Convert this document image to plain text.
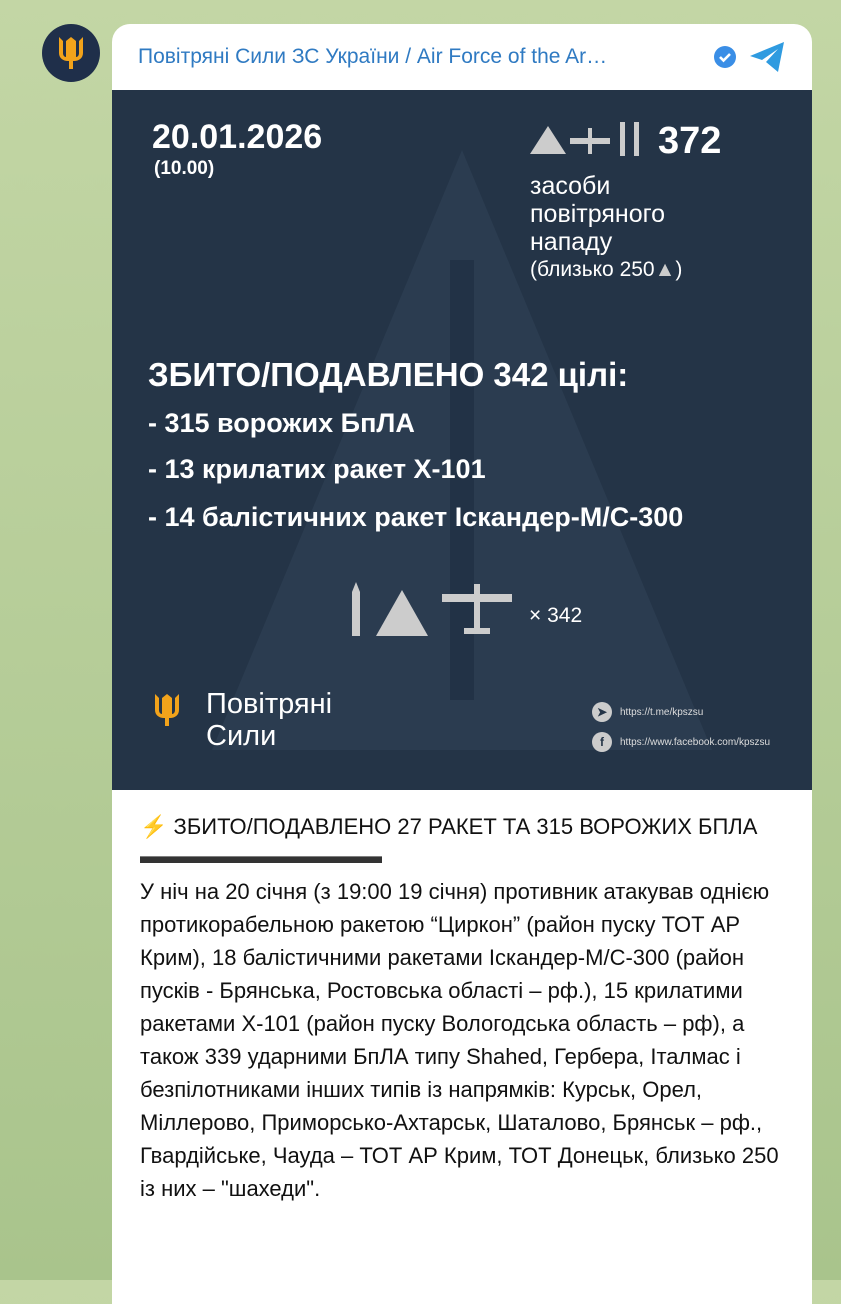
Повітряні Сили ЗС України / Air Force of the Ar…
20.01.2026
(10.00)
372
засоби
повітряного
нападу
(близько 250▲)
ЗБИТО/ПОДАВЛЕНО 342 цілі:
- 315 ворожих БпЛА
- 13 крилатих ракет Х-101
- 14 балістичних ракет Іскандер-М/С-300
× 342
Повітряні
Сили
➤	https://t.me/kpszsu
f	https://www.facebook.com/kpszsu
⚡ ЗБИТО/ПОДАВЛЕНО 27 РАКЕТ ТА 315 ВОРОЖИХ БПЛА
▬▬▬▬▬▬▬▬▬▬▬
У ніч на 20 січня (з 19:00 19 січня) противник атакував однією протикорабельною ракетою “Циркон” (район пуску ТОТ АР Крим), 18 балістичними ракетами Іскандер-М/С-300 (район пусків - Брянська, Ростовська області – рф.), 15 крилатими ракетами Х-101 (район пуску Вологодська область – рф), а також 339 ударними БпЛА типу Shahed, Гербера, Італмас і безпілотниками інших типів із напрямків: Курськ, Орел, Міллерово, Приморсько-Ахтарськ, Шаталово, Брянськ – рф., Гвардійське, Чауда – ТОТ АР Крим, ТОТ Донецьк, близько 250 із них – "шахеди".
